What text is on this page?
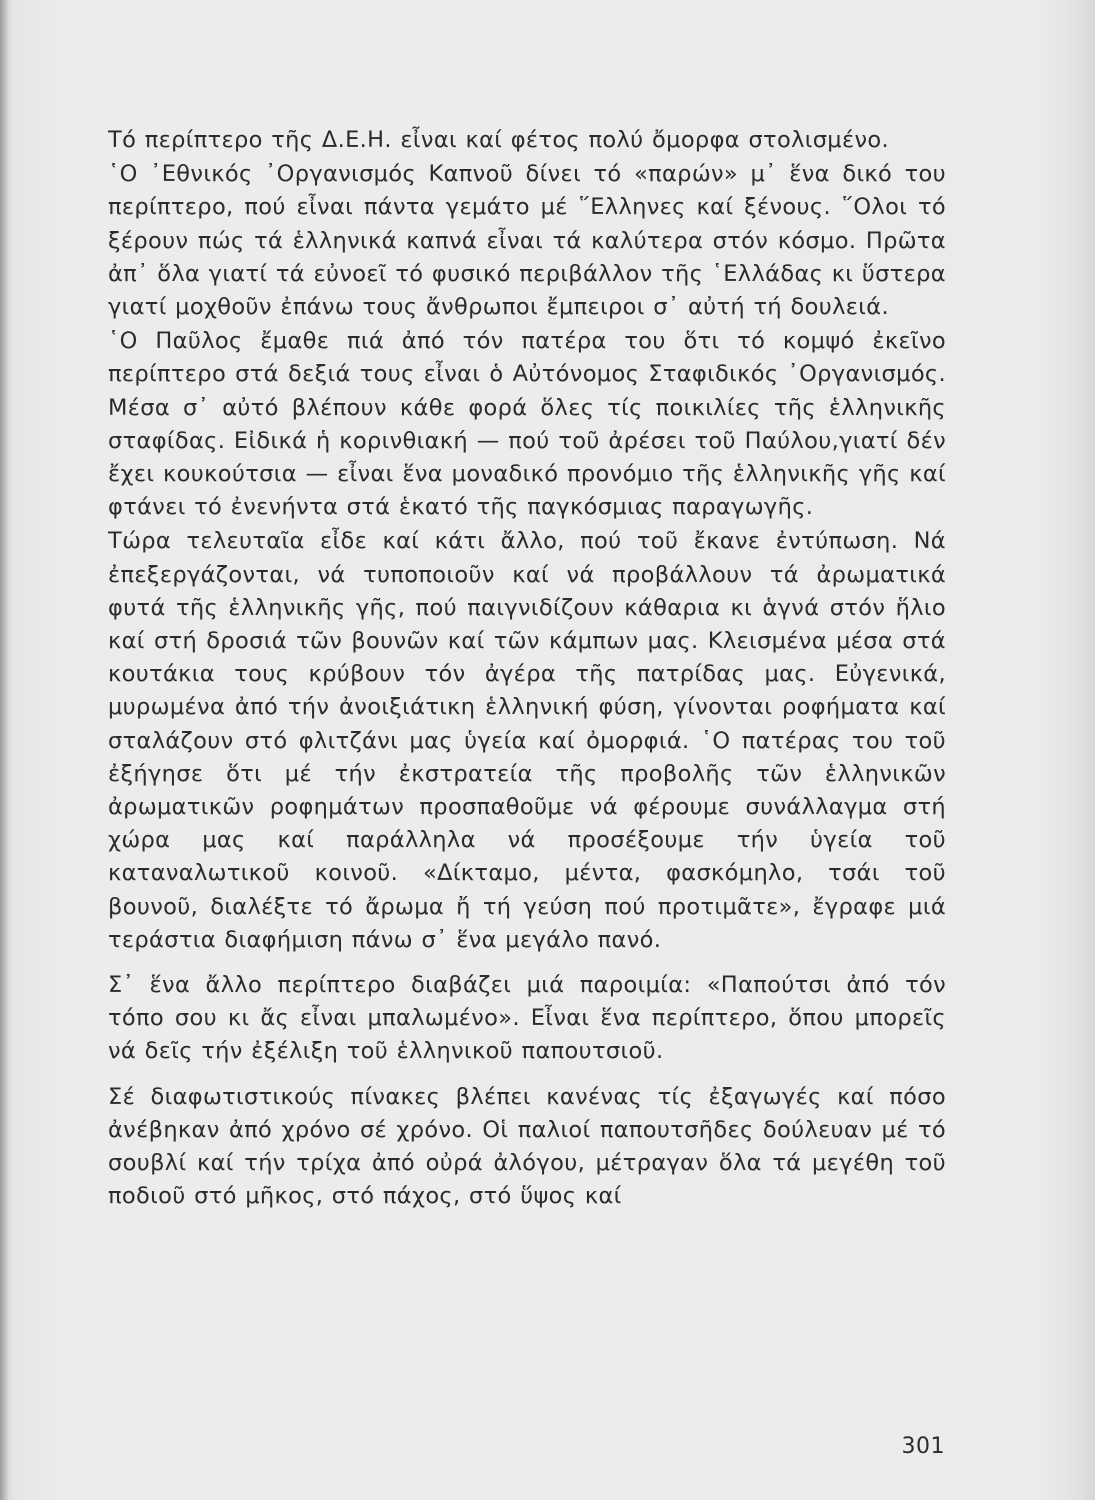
Τό περίπτερο τῆς Δ.Ε.Η. εἶναι καί φέτος πολύ ὄμορφα στολισμένο.

῾Ο ᾿Εθνικός ᾿Οργανισμός Καπνοῦ δίνει τό «παρών» μ᾿ ἕνα δικό του περίπτερο, πού εἶναι πάντα γεμάτο μέ ῞Ελληνες καί ξένους. ῞Ολοι τό ξέρουν πώς τά ἑλληνικά καπνά εἶναι τά καλύτερα στόν κόσμο. Πρῶτα ἀπ᾿ ὅλα γιατί τά εὐνοεῖ τό φυσικό περιβάλλον τῆς ῾Ελλάδας κι ὕστερα γιατί μοχθοῦν ἐπάνω τους ἄνθρωποι ἔμπειροι σ᾿ αὐτή τή δουλειά.

῾Ο Παῦλος ἔμαθε πιά ἀπό τόν πατέρα του ὅτι τό κομψό ἐκεῖνο περίπτερο στά δεξιά τους εἶναι ὁ Αὐτόνομος Σταφιδικός ᾿Οργανισμός. Μέσα σ᾿ αὐτό βλέπουν κάθε φορά ὅλες τίς ποικιλίες τῆς ἑλληνικῆς σταφίδας. Εἰδικά ἡ κορινθιακή — πού τοῦ ἀρέσει τοῦ Παύλου,γιατί δέν ἔχει κουκούτσια — εἶναι ἕνα μοναδικό προνόμιο τῆς ἑλληνικῆς γῆς καί φτάνει τό ἐνενήντα στά ἑκατό τῆς παγκόσμιας παραγωγῆς.

Τώρα τελευταῖα εἶδε καί κάτι ἄλλο, πού τοῦ ἔκανε ἐντύπωση. Νά ἐπεξεργάζονται, νά τυποποιοῦν καί νά προβάλλουν τά ἀρωματικά φυτά τῆς ἑλληνικῆς γῆς, πού παιγνιδίζουν κάθαρια κι ἁγνά στόν ἥλιο καί στή δροσιά τῶν βουνῶν καί τῶν κάμπων μας. Κλεισμένα μέσα στά κουτάκια τους κρύβουν τόν ἀγέρα τῆς πατρίδας μας. Εὐγενικά, μυρωμένα ἀπό τήν ἀνοιξιάτικη ἑλληνική φύση, γίνονται ροφήματα καί σταλάζουν στό φλιτζάνι μας ὑγεία καί ὀμορφιά. ῾Ο πατέρας του τοῦ ἐξήγησε ὅτι μέ τήν ἐκστρατεία τῆς προβολῆς τῶν ἑλληνικῶν ἀρωματικῶν ροφημάτων προσπαθοῦμε νά φέρουμε συνάλλαγμα στή χώρα μας καί παράλληλα νά προσέξουμε τήν ὑγεία τοῦ καταναλωτικοῦ κοινοῦ. «Δίκταμο, μέντα, φασκόμηλο, τσάι τοῦ βουνοῦ, διαλέξτε τό ἄρωμα ἤ τή γεύση πού προτιμᾶτε», ἔγραφε μιά τεράστια διαφήμιση πάνω σ᾿ ἕνα μεγάλο πανό.

Σ᾿ ἕνα ἄλλο περίπτερο διαβάζει μιά παροιμία: «Παπούτσι ἀπό τόν τόπο σου κι ἄς εἶναι μπαλωμένο». Εἶναι ἕνα περίπτερο, ὅπου μπορεῖς νά δεῖς τήν ἐξέλιξη τοῦ ἑλληνικοῦ παπουτσιοῦ.

Σέ διαφωτιστικούς πίνακες βλέπει κανένας τίς ἐξαγωγές καί πόσο ἀνέβηκαν ἀπό χρόνο σέ χρόνο. Οἱ παλιοί παπουτσῆδες δούλευαν μέ τό σουβλί καί τήν τρίχα ἀπό οὐρά ἀλόγου, μέτραγαν ὅλα τά μεγέθη τοῦ ποδιοῦ στό μῆκος, στό πάχος, στό ὕψος καί

301
